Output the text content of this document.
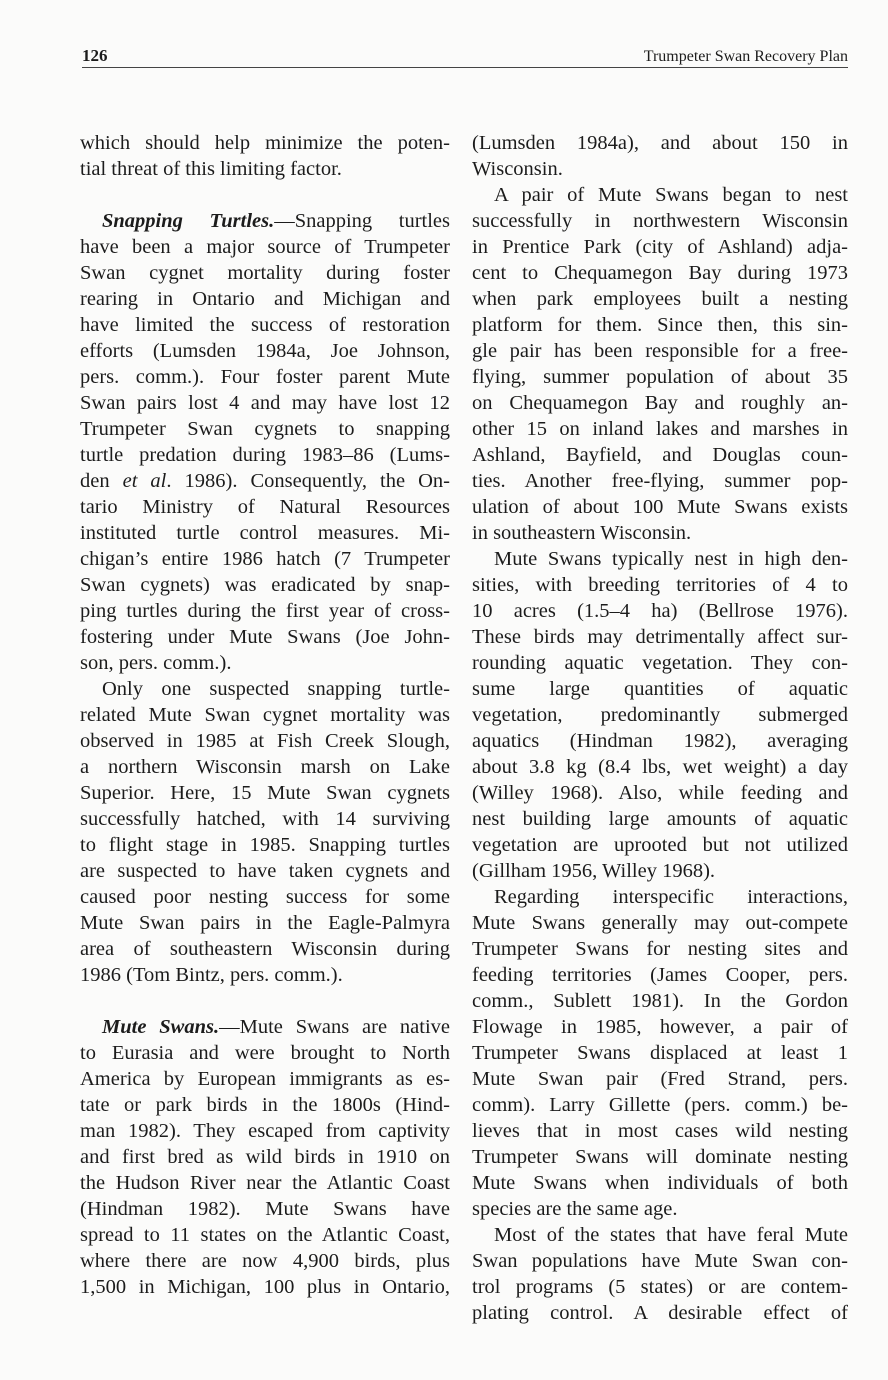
126	Trumpeter Swan Recovery Plan
which should help minimize the poten-
tial threat of this limiting factor.
Snapping Turtles.—Snapping turtles
have been a major source of Trumpeter
Swan cygnet mortality during foster
rearing in Ontario and Michigan and
have limited the success of restoration
efforts (Lumsden 1984a, Joe Johnson,
pers. comm.). Four foster parent Mute
Swan pairs lost 4 and may have lost 12
Trumpeter Swan cygnets to snapping
turtle predation during 1983–86 (Lums-
den et al. 1986). Consequently, the On-
tario Ministry of Natural Resources
instituted turtle control measures. Mi-
chigan’s entire 1986 hatch (7 Trumpeter
Swan cygnets) was eradicated by snap-
ping turtles during the first year of cross-
fostering under Mute Swans (Joe John-
son, pers. comm.).
Only one suspected snapping turtle-
related Mute Swan cygnet mortality was
observed in 1985 at Fish Creek Slough,
a northern Wisconsin marsh on Lake
Superior. Here, 15 Mute Swan cygnets
successfully hatched, with 14 surviving
to flight stage in 1985. Snapping turtles
are suspected to have taken cygnets and
caused poor nesting success for some
Mute Swan pairs in the Eagle-Palmyra
area of southeastern Wisconsin during
1986 (Tom Bintz, pers. comm.).
Mute Swans.—Mute Swans are native
to Eurasia and were brought to North
America by European immigrants as es-
tate or park birds in the 1800s (Hind-
man 1982). They escaped from captivity
and first bred as wild birds in 1910 on
the Hudson River near the Atlantic Coast
(Hindman 1982). Mute Swans have
spread to 11 states on the Atlantic Coast,
where there are now 4,900 birds, plus
1,500 in Michigan, 100 plus in Ontario,
(Lumsden 1984a), and about 150 in
Wisconsin.
A pair of Mute Swans began to nest
successfully in northwestern Wisconsin
in Prentice Park (city of Ashland) adja-
cent to Chequamegon Bay during 1973
when park employees built a nesting
platform for them. Since then, this sin-
gle pair has been responsible for a free-
flying, summer population of about 35
on Chequamegon Bay and roughly an-
other 15 on inland lakes and marshes in
Ashland, Bayfield, and Douglas coun-
ties. Another free-flying, summer pop-
ulation of about 100 Mute Swans exists
in southeastern Wisconsin.
Mute Swans typically nest in high den-
sities, with breeding territories of 4 to
10 acres (1.5–4 ha) (Bellrose 1976).
These birds may detrimentally affect sur-
rounding aquatic vegetation. They con-
sume large quantities of aquatic
vegetation, predominantly submerged
aquatics (Hindman 1982), averaging
about 3.8 kg (8.4 lbs, wet weight) a day
(Willey 1968). Also, while feeding and
nest building large amounts of aquatic
vegetation are uprooted but not utilized
(Gillham 1956, Willey 1968).
Regarding interspecific interactions,
Mute Swans generally may out-compete
Trumpeter Swans for nesting sites and
feeding territories (James Cooper, pers.
comm., Sublett 1981). In the Gordon
Flowage in 1985, however, a pair of
Trumpeter Swans displaced at least 1
Mute Swan pair (Fred Strand, pers.
comm). Larry Gillette (pers. comm.) be-
lieves that in most cases wild nesting
Trumpeter Swans will dominate nesting
Mute Swans when individuals of both
species are the same age.
Most of the states that have feral Mute
Swan populations have Mute Swan con-
trol programs (5 states) or are contem-
plating control. A desirable effect of
